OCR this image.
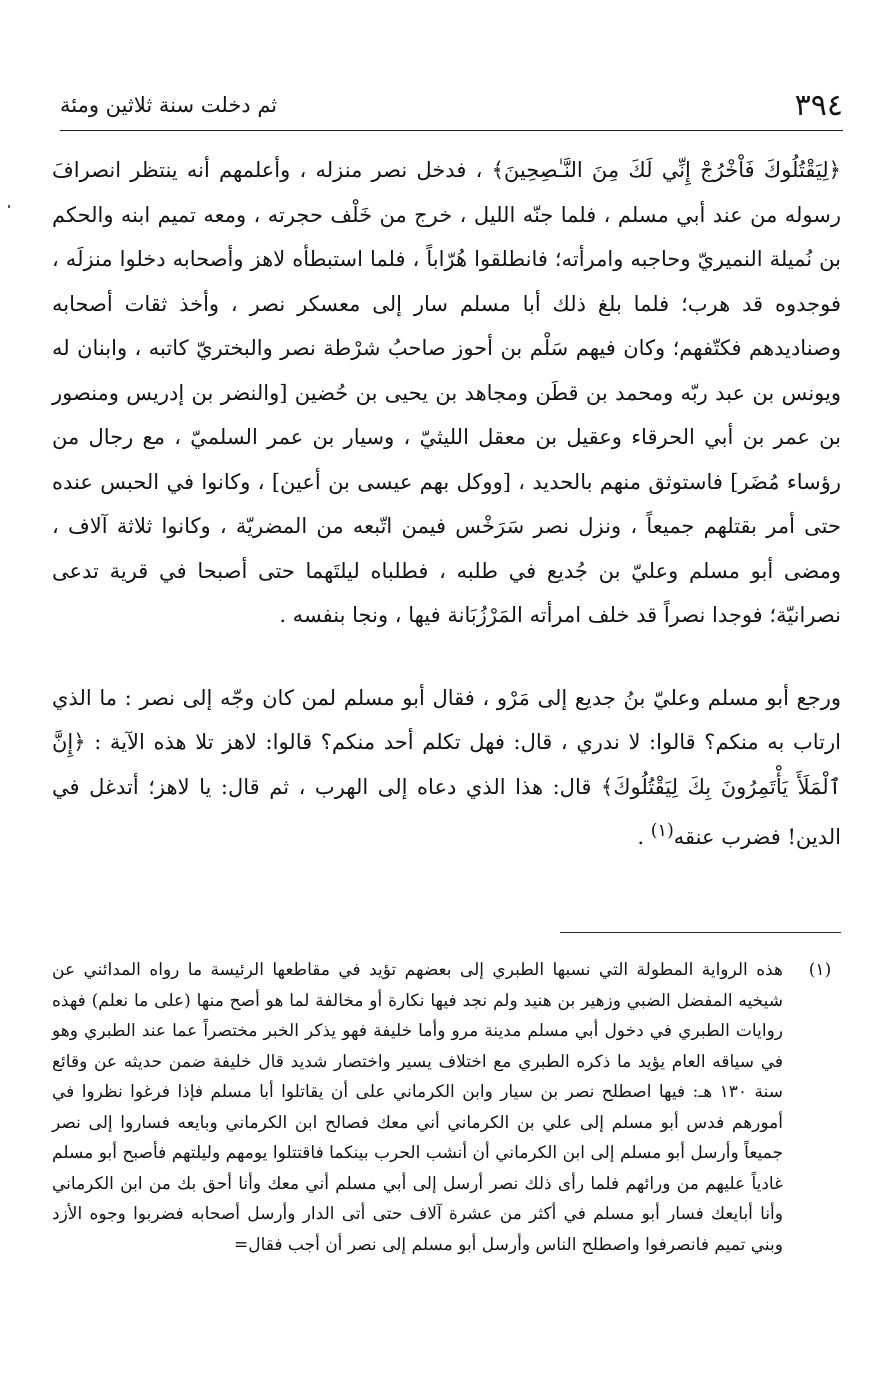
٣٩٤
ثم دخلت سنة ثلاثين ومئة

﴿لِيَقْتُلُوكَ فَاْخْرُجْ إِنِّي لَكَ مِنَ النَّـٰصِحِينَ﴾ ، فدخل نصر منزله ، وأعلمهم أنه ينتظر انصرافَ رسوله من عند أبي مسلم ، فلما جنّه الليل ، خرج من خَلْف حجرته ، ومعه تميم ابنه والحكم بن نُميلة النميريّ وحاجبه وامرأته؛ فانطلقوا هُرّاباً ، فلما استبطأه لاهز وأصحابه دخلوا منزلَه ، فوجدوه قد هرب؛ فلما بلغ ذلك أبا مسلم سار إلى معسكر نصر ، وأخذ ثقات أصحابه وصناديدهم فكتّفهم؛ وكان فيهم سَلْم بن أحوز صاحبُ شرْطة نصر والبختريّ كاتبه ، وابنان له ويونس بن عبد ربّه ومحمد بن قطَن ومجاهد بن يحيى بن حُضين [والنضر بن إدريس ومنصور بن عمر بن أبي الحرقاء وعقيل بن معقل الليثيّ ، وسيار بن عمر السلميّ ، مع رجال من رؤساء مُضَر] فاستوثق منهم بالحديد ، [ووكل بهم عيسى بن أعين] ، وكانوا في الحبس عنده حتى أمر بقتلهم جميعاً ، ونزل نصر سَرَخْس فيمن اتّبعه من المضريّة ، وكانوا ثلاثة آلاف ، ومضى أبو مسلم وعليّ بن جُديع في طلبه ، فطلباه ليلتَهما حتى أصبحا في قرية تدعى نصرانيّة؛ فوجدا نصراً قد خلف امرأته المَرْزُبَانة فيها ، ونجا بنفسه .

ورجع أبو مسلم وعليّ بنُ جديع إلى مَرْو ، فقال أبو مسلم لمن كان وجّه إلى نصر : ما الذي ارتاب به منكم؟ قالوا: لا ندري ، قال: فهل تكلم أحد منكم؟ قالوا: لاهز تلا هذه الآية : ﴿إِنَّ ٱلْمَلَأَ يَأْتَمِرُونَ بِكَ لِيَقْتُلُوكَ﴾ قال: هذا الذي دعاه إلى الهرب ، ثم قال: يا لاهز؛ أتدغل في الدين! فضرب عنقه$^{(١)}$ .

(١)

هذه الرواية المطولة التي نسبها الطبري إلى بعضهم تؤيد في مقاطعها الرئيسة ما رواه المدائني عن شيخيه المفضل الضبي وزهير بن هنيد ولم نجد فيها نكارة أو مخالفة لما هو أصح منها (على ما نعلم) فهذه روايات الطبري في دخول أبي مسلم مدينة مرو وأما خليفة فهو يذكر الخبر مختصراً عما عند الطبري وهو في سياقه العام يؤيد ما ذكره الطبري مع اختلاف يسير واختصار شديد قال خليفة ضمن حديثه عن وقائع سنة ١٣٠ هـ: فيها اصطلح نصر بن سيار وابن الكرماني على أن يقاتلوا أبا مسلم فإذا فرغوا نظروا في أمورهم فدس أبو مسلم إلى علي بن الكرماني أني معك فصالح ابن الكرماني وبايعه فساروا إلى نصر جميعاً وأرسل أبو مسلم إلى ابن الكرماني أن أنشب الحرب بينكما فاقتتلوا يومهم وليلتهم فأصبح أبو مسلم غادياً عليهم من ورائهم فلما رأى ذلك نصر أرسل إلى أبي مسلم أني معك وأنا أحق بك من ابن الكرماني وأنا أبايعك فسار أبو مسلم في أكثر من عشرة آلاف حتى أتى الدار وأرسل أصحابه فضربوا وجوه الأزد وبني تميم فانصرفوا واصطلح الناس وأرسل أبو مسلم إلى نصر أن أجب فقال=
